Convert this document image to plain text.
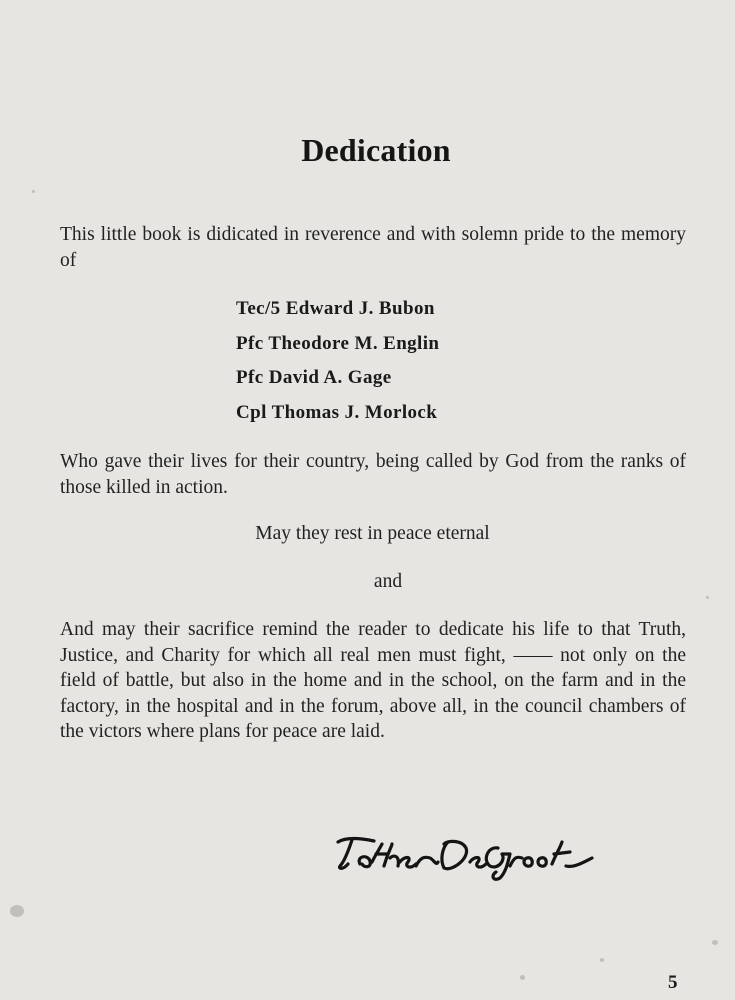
Dedication
This little book is didicated in reverence and with solemn pride to the memory of
Tec/5 Edward J. Bubon
Pfc Theodore M. Englin
Pfc David A. Gage
Cpl Thomas J. Morlock
Who gave their lives for their country, being called by God from the ranks of those killed in action.
May they rest in peace eternal
and
And may their sacrifice remind the reader to dedicate his life to that Truth, Justice, and Charity for which all real men must fight, —— not only on the field of battle, but also in the home and in the school, on the farm and in the factory, in the hospital and in the forum, above all, in the council chambers of the victors where plans for peace are laid.
5
